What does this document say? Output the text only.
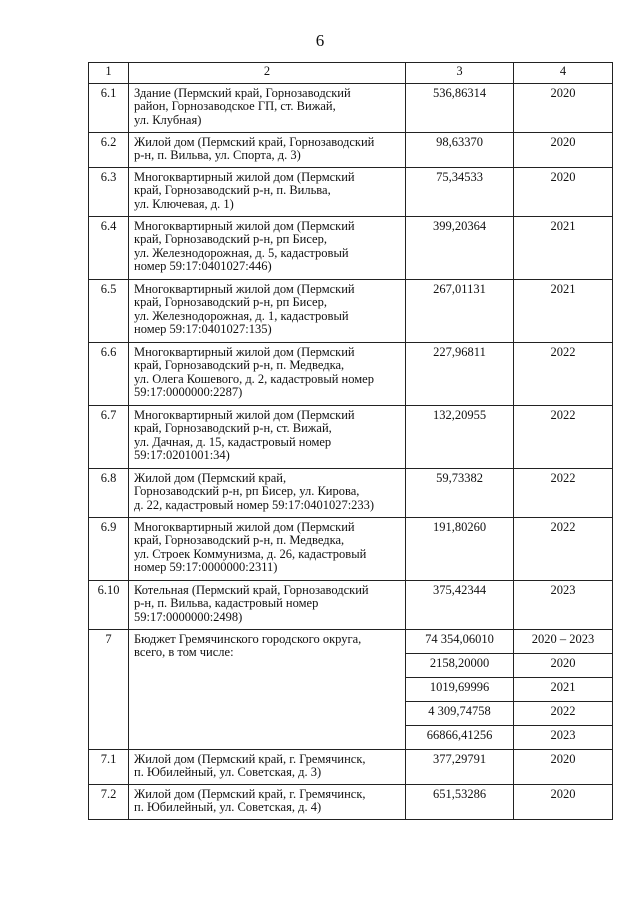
6
1	2	3	4
6.1	Здание (Пермский край, Горнозаводский
район, Горнозаводское ГП, ст. Вижай,
ул. Клубная)	536,86314	2020
6.2	Жилой дом (Пермский край, Горнозаводский
р-н, п. Вильва, ул. Спорта, д. 3)	98,63370	2020
6.3	Многоквартирный жилой дом (Пермский
край, Горнозаводский р-н, п. Вильва,
ул. Ключевая, д. 1)	75,34533	2020
6.4	Многоквартирный жилой дом (Пермский
край, Горнозаводский р-н, рп Бисер,
ул. Железнодорожная, д. 5, кадастровый
номер 59:17:0401027:446)	399,20364	2021
6.5	Многоквартирный жилой дом (Пермский
край, Горнозаводский р-н, рп Бисер,
ул. Железнодорожная, д. 1, кадастровый
номер 59:17:0401027:135)	267,01131	2021
6.6	Многоквартирный жилой дом (Пермский
край, Горнозаводский р-н, п. Медведка,
ул. Олега Кошевого, д. 2, кадастровый номер
59:17:0000000:2287)	227,96811	2022
6.7	Многоквартирный жилой дом (Пермский
край, Горнозаводский р-н, ст. Вижай,
ул. Дачная, д. 15, кадастровый номер
59:17:0201001:34)	132,20955	2022
6.8	Жилой дом (Пермский край,
Горнозаводский р-н, рп Бисер, ул. Кирова,
д. 22, кадастровый номер 59:17:0401027:233)	59,73382	2022
6.9	Многоквартирный жилой дом (Пермский
край, Горнозаводский р-н, п. Медведка,
ул. Строек Коммунизма, д. 26, кадастровый
номер 59:17:0000000:2311)	191,80260	2022
6.10	Котельная (Пермский край, Горнозаводский
р-н, п. Вильва, кадастровый номер
59:17:0000000:2498)	375,42344	2023
7	Бюджет Гремячинского городского округа,
всего, в том числе:	74 354,06010	2020 – 2023
		2158,20000	2020
		1019,69996	2021
		4 309,74758	2022
		66866,41256	2023
7.1	Жилой дом (Пермский край, г. Гремячинск,
п. Юбилейный, ул. Советская, д. 3)	377,29791	2020
7.2	Жилой дом (Пермский край, г. Гремячинск,
п. Юбилейный, ул. Советская, д. 4)	651,53286	2020
